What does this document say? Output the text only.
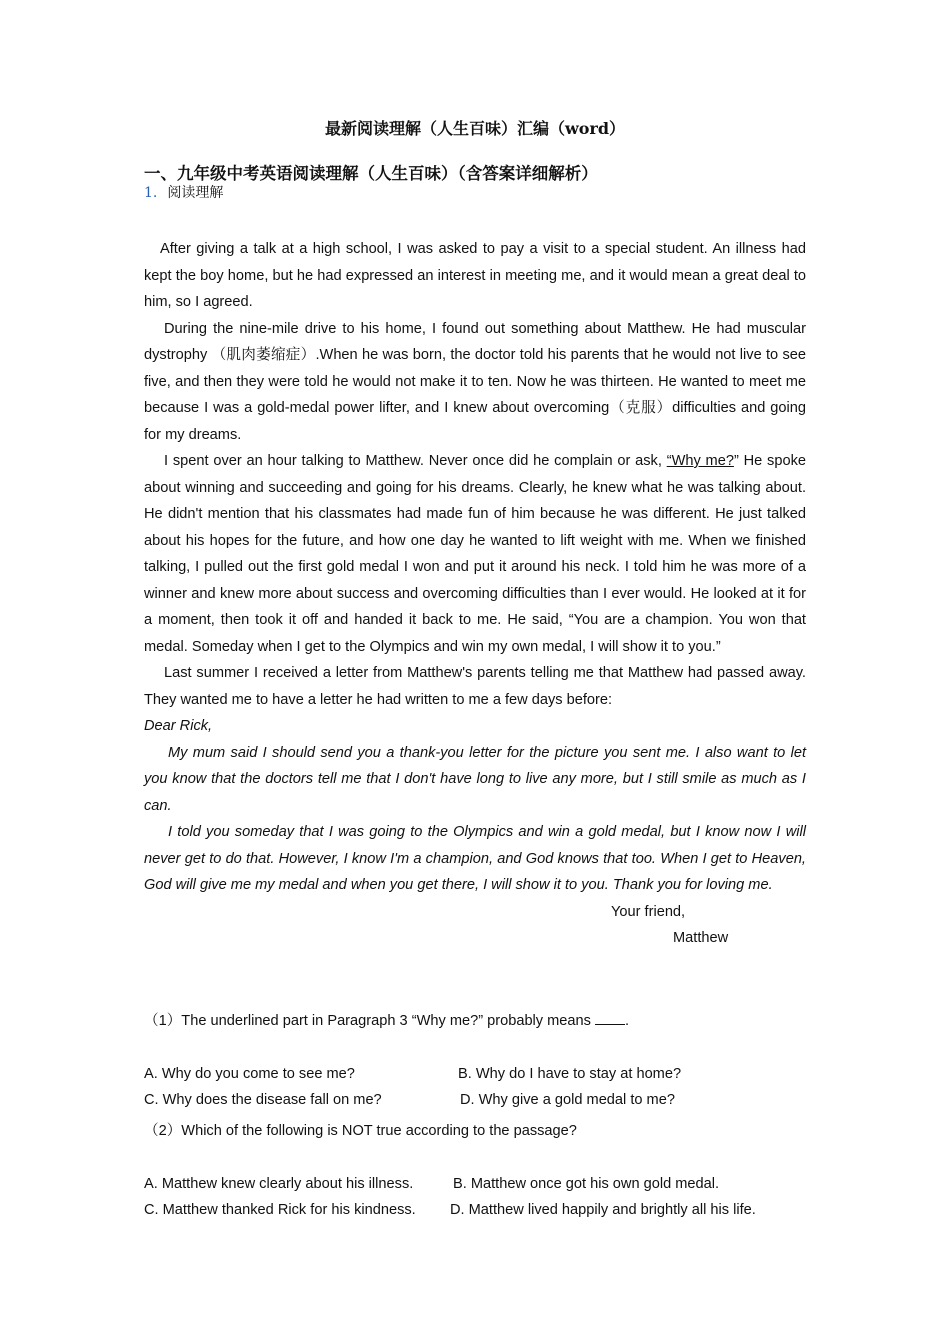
最新阅读理解（人生百味）汇编（word）
一、九年级中考英语阅读理解（人生百味）（含答案详细解析）
1. 阅读理解

After giving a talk at a high school, I was asked to pay a visit to a special student. An illness had kept the boy home, but he had expressed an interest in meeting me, and it would mean a great deal to him, so I agreed.

During the nine-mile drive to his home, I found out something about Matthew. He had muscular dystrophy （肌肉萎缩症）.When he was born, the doctor told his parents that he would not live to see five, and then they were told he would not make it to ten. Now he was thirteen. He wanted to meet me because I was a gold-medal power lifter, and I knew about overcoming（克服）difficulties and going for my dreams.

I spent over an hour talking to Matthew. Never once did he complain or ask, “Why me?” He spoke about winning and succeeding and going for his dreams. Clearly, he knew what he was talking about. He didn't mention that his classmates had made fun of him because he was different. He just talked about his hopes for the future, and how one day he wanted to lift weight with me. When we finished talking, I pulled out the first gold medal I won and put it around his neck. I told him he was more of a winner and knew more about success and overcoming difficulties than I ever would. He looked at it for a moment, then took it off and handed it back to me. He said, “You are a champion. You won that medal. Someday when I get to the Olympics and win my own medal, I will show it to you.”

Last summer I received a letter from Matthew's parents telling me that Matthew had passed away. They wanted me to have a letter he had written to me a few days before:

Dear Rick,

My mum said I should send you a thank-you letter for the picture you sent me. I also want to let you know that the doctors tell me that I don't have long to live any more, but I still smile as much as I can.

I told you someday that I was going to the Olympics and win a gold medal, but I know now I will never get to do that. However, I know I'm a champion, and God knows that too. When I get to Heaven, God will give me my medal and when you get there, I will show it to you. Thank you for loving me.

Your friend,

Matthew

（1）The underlined part in Paragraph 3 “Why me?” probably means .
A. Why do you come to see me?	B. Why do I have to stay at home?
C. Why does the disease fall on me?	D. Why give a gold medal to me?
（2）Which of the following is NOT true according to the passage?
A. Matthew knew clearly about his illness.	B. Matthew once got his own gold medal.
C. Matthew thanked Rick for his kindness. D. Matthew lived happily and brightly all his life.
